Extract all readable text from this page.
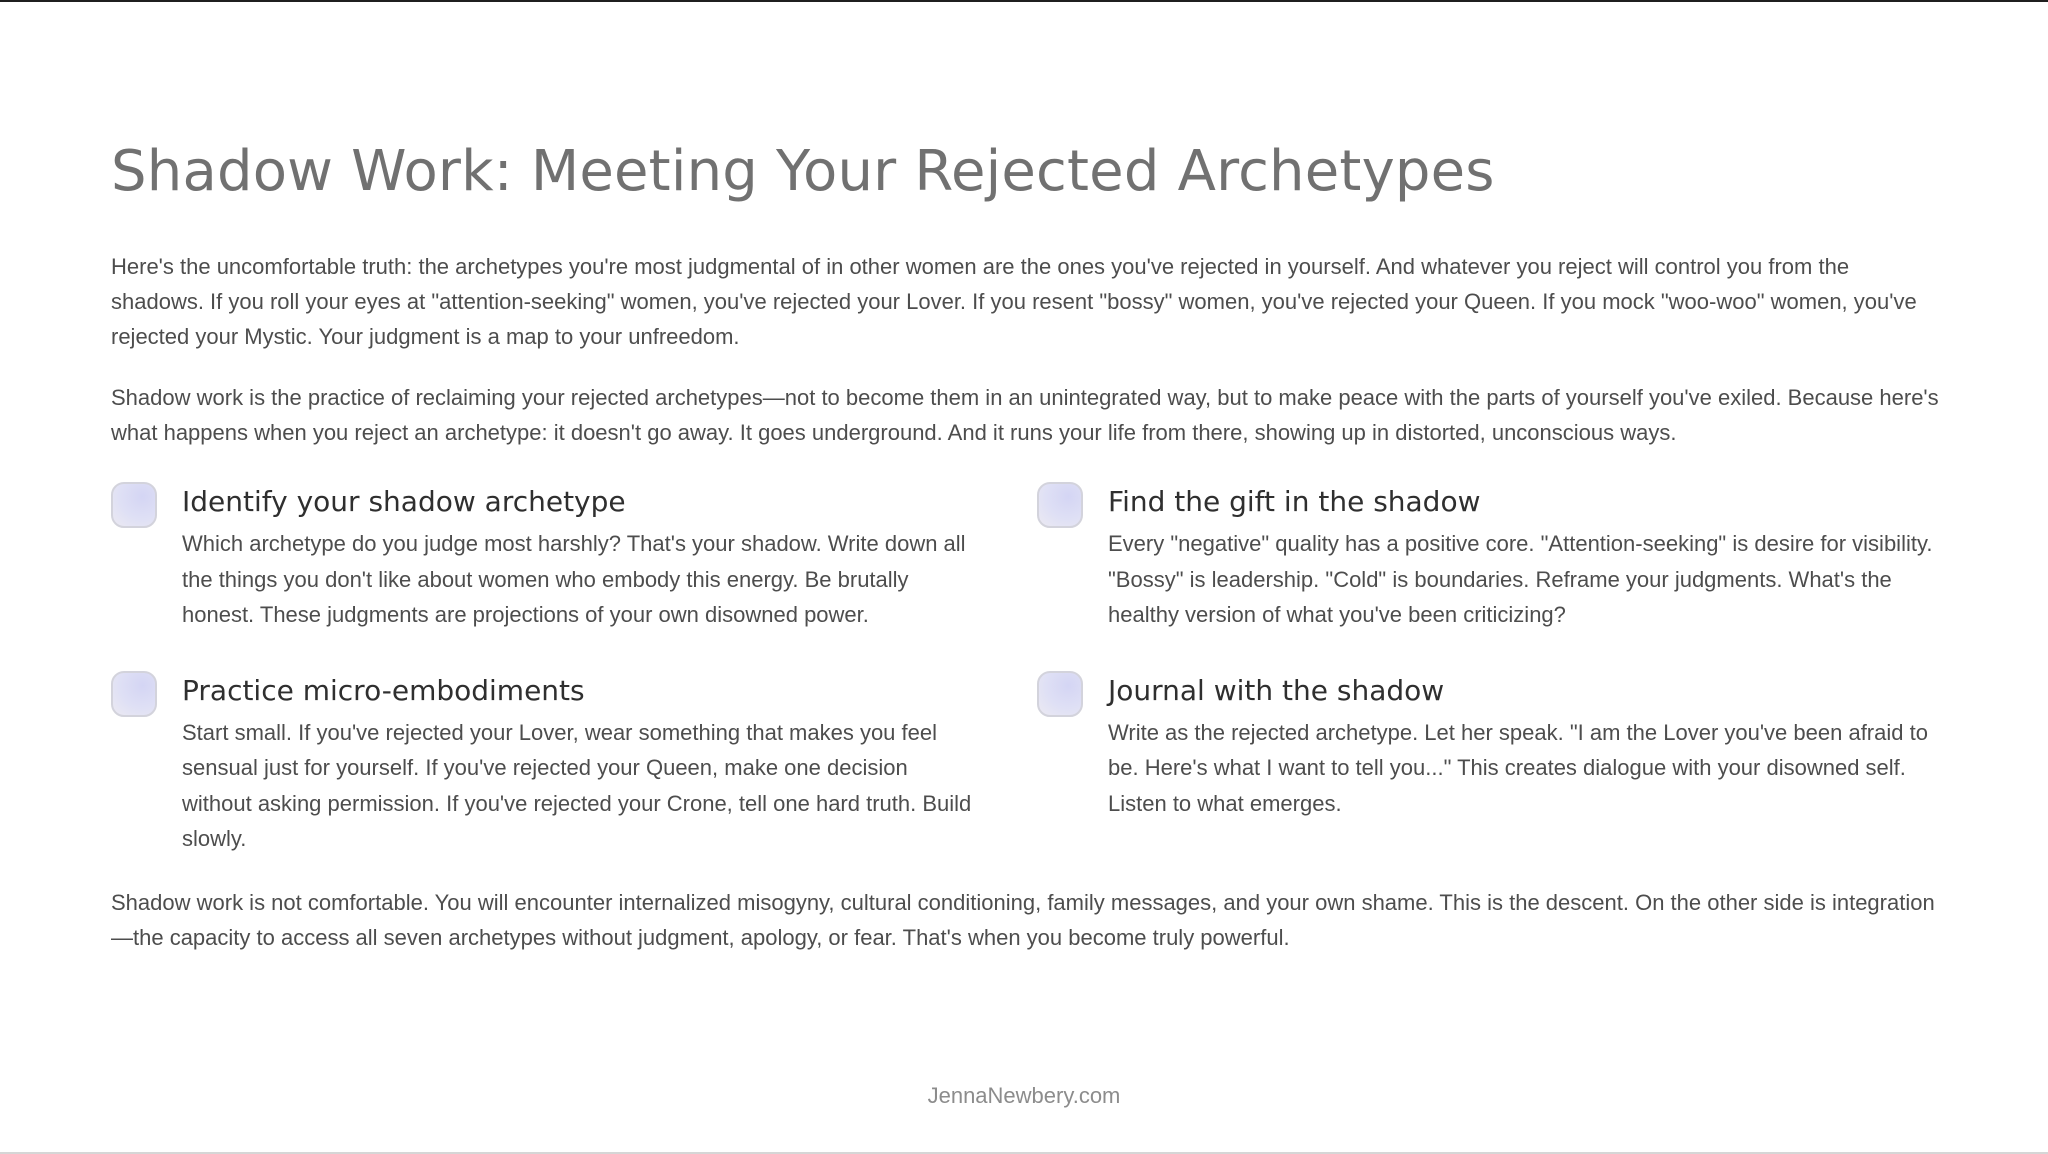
Shadow Work: Meeting Your Rejected Archetypes

Here's the uncomfortable truth: the archetypes you're most judgmental of in other women are the ones you've rejected in yourself. And whatever you reject will control you from the shadows. If you roll your eyes at "attention-seeking" women, you've rejected your Lover. If you resent "bossy" women, you've rejected your Queen. If you mock "woo-woo" women, you've rejected your Mystic. Your judgment is a map to your unfreedom.

Shadow work is the practice of reclaiming your rejected archetypes—not to become them in an unintegrated way, but to make peace with the parts of yourself you've exiled. Because here's what happens when you reject an archetype: it doesn't go away. It goes underground. And it runs your life from there, showing up in distorted, unconscious ways.

Identify your shadow archetype

Which archetype do you judge most harshly? That's your shadow. Write down all the things you don't like about women who embody this energy. Be brutally honest. These judgments are projections of your own disowned power.

Find the gift in the shadow

Every "negative" quality has a positive core. "Attention-seeking" is desire for visibility. "Bossy" is leadership. "Cold" is boundaries. Reframe your judgments. What's the healthy version of what you've been criticizing?

Practice micro-embodiments

Start small. If you've rejected your Lover, wear something that makes you feel sensual just for yourself. If you've rejected your Queen, make one decision without asking permission. If you've rejected your Crone, tell one hard truth. Build slowly.

Journal with the shadow

Write as the rejected archetype. Let her speak. "I am the Lover you've been afraid to be. Here's what I want to tell you..." This creates dialogue with your disowned self. Listen to what emerges.

Shadow work is not comfortable. You will encounter internalized misogyny, cultural conditioning, family messages, and your own shame. This is the descent. On the other side is integration—the capacity to access all seven archetypes without judgment, apology, or fear. That's when you become truly powerful.

JennaNewbery.com
